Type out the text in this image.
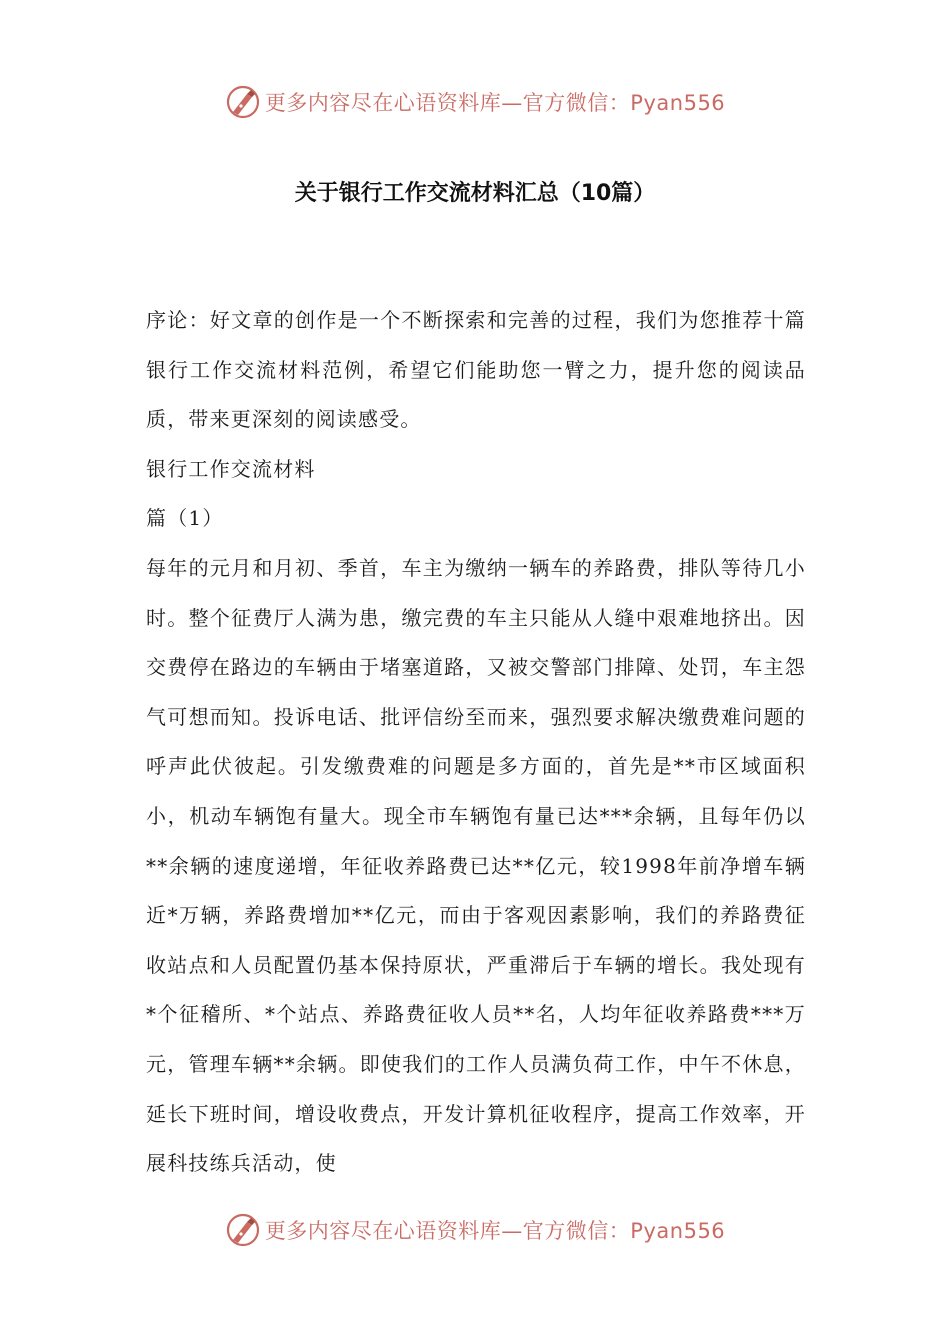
更多内容尽在心语资料库—官方微信：Pyan556
关于银行工作交流材料汇总（10篇）

序论：好文章的创作是一个不断探索和完善的过程，我们为您推荐十篇银行工作交流材料范例，希望它们能助您一臂之力，提升您的阅读品质，带来更深刻的阅读感受。

银行工作交流材料

篇（1）

每年的元月和月初、季首，车主为缴纳一辆车的养路费，排队等待几小时。整个征费厅人满为患，缴完费的车主只能从人缝中艰难地挤出。因交费停在路边的车辆由于堵塞道路，又被交警部门排障、处罚，车主怨气可想而知。投诉电话、批评信纷至而来，强烈要求解决缴费难问题的呼声此伏彼起。引发缴费难的问题是多方面的，首先是**市区域面积小，机动车辆饱有量大。现全市车辆饱有量已达***余辆，且每年仍以**余辆的速度递增，年征收养路费已达**亿元，较1998年前净增车辆近*万辆，养路费增加**亿元，而由于客观因素影响，我们的养路费征收站点和人员配置仍基本保持原状，严重滞后于车辆的增长。我处现有*个征稽所、*个站点、养路费征收人员**名，人均年征收养路费***万元，管理车辆**余辆。即使我们的工作人员满负荷工作，中午不休息，延长下班时间，增设收费点，开发计算机征收程序，提高工作效率，开展科技练兵活动，使

更多内容尽在心语资料库—官方微信：Pyan556
